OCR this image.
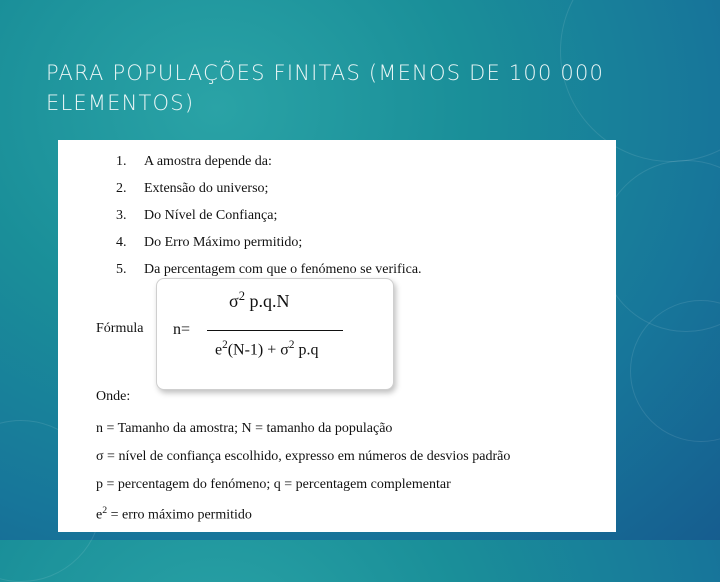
PARA POPULAÇÕES FINITAS (MENOS DE 100 000 ELEMENTOS)
1. A amostra depende da:
2. Extensão do universo;
3. Do Nível de Confiança;
4. Do Erro Máximo permitido;
5. Da percentagem com que o fenómeno se verifica.
Fórmula n=
$\sigma^2$ p.q.N
$e^2(N-1) + \sigma^2$ p.q
Onde:
n = Tamanho da amostra; N = tamanho da população
σ = nível de confiança escolhido, expresso em números de desvios padrão
p = percentagem do fenómeno; q = percentagem complementar
$e^2$ = erro máximo permitido
